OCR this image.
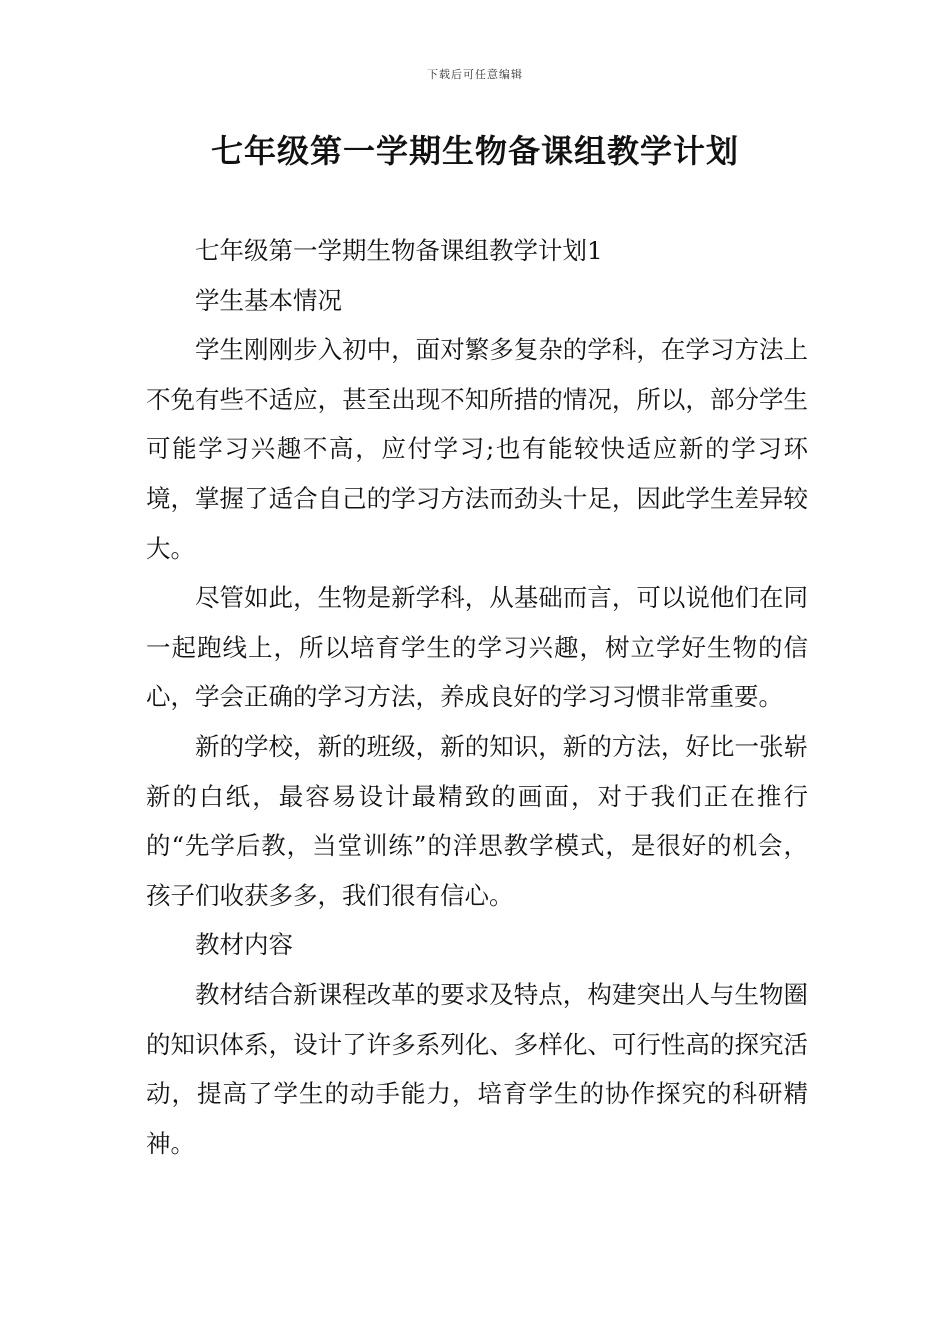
下载后可任意编辑
七年级第一学期生物备课组教学计划

七年级第一学期生物备课组教学计划1

学生基本情况

学生刚刚步入初中，面对繁多复杂的学科，在学习方法上不免有些不适应，甚至出现不知所措的情况，所以，部分学生可能学习兴趣不高，应付学习;也有能较快适应新的学习环境，掌握了适合自己的学习方法而劲头十足，因此学生差异较大。

尽管如此，生物是新学科，从基础而言，可以说他们在同一起跑线上，所以培育学生的学习兴趣，树立学好生物的信心，学会正确的学习方法，养成良好的学习习惯非常重要。

新的学校，新的班级，新的知识，新的方法，好比一张崭新的白纸，最容易设计最精致的画面，对于我们正在推行的“先学后教，当堂训练”的洋思教学模式，是很好的机会，孩子们收获多多，我们很有信心。

教材内容

教材结合新课程改革的要求及特点，构建突出人与生物圈的知识体系，设计了许多系列化、多样化、可行性高的探究活动，提高了学生的动手能力，培育学生的协作探究的科研精神。
